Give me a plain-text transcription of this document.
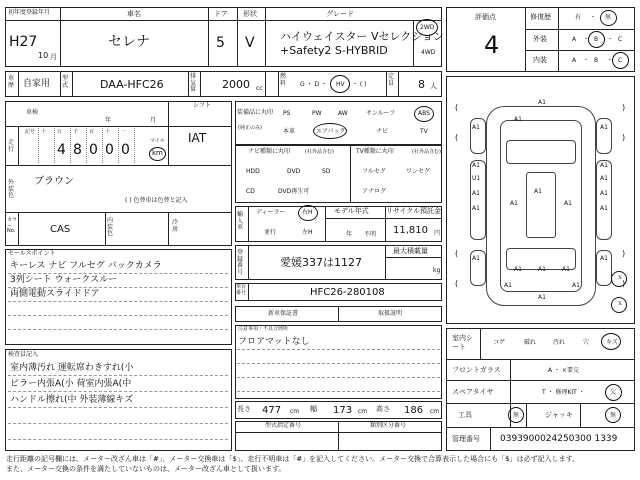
初年度登録年月
H27
10 月
車名
セレナ
ドア
5
形状
V
グレード
ハイウェイスター Vセレクション
+Safety2 S-HYBRID
2WD
4WD
車歴 自家用
型式	DAA-HFC26
排気量 2000 cc
燃料	G ・ D ・ HV ・ ( )
定員 8 人
車検
年	月
シフト
IAT
走行
記号 十 万 千 百 十 一
4 8 0 0 0
マイル
km
外装色
ブラウン
( ) 色替車は色替と記入
カラーNo.	CAS
内装色
冷房
セールスポイント
キーレス ナビ フルセグ バックカメラ
3列シート ウォークスルー
両側電動スライドドア
検査員記入
室内薄汚れ 運転席わきすれ(小
ピラー内張A(小 荷室内張A(中
ハンドル擦れ(中 外装薄線キズ
装備品に丸印
(純正のみ)
PS	PW	AW	サンルーフ	ABS
本革	エアバック	ナビ	TV
ナビ種類に丸印	(社外品含む)	TV種類に丸印	(社外品含む)
HDD	DVD	SD
CD	DVD再生可
フルセグ	ワンセグ
アナログ
輸入車
ディーラー	右H
並行	左H
モデル年式
年 不明
リサイクル預託金
11,810 円
登録番号
愛媛337は1127
最大積載量
kg
車台番号	HFC26-280108
新車保証書	取扱説明
注意事項・不具合箇所
フロアマットなし
長さ 477 cm 幅 173 cm 高さ 186 cm
型式指定番号	類別区分番号
評価点
4
修復歴	有 ・ 無
外装	A ・ B ・ C
内装	A ・ B ・ C
(
(
)
)
(
(
)
)
A1
A1
A1	A1
A1
U1
A1
A1
A1
A1
A1
A1
A1
A1	A1
A1	A1
A1	A1	A1
A1
A1
A1
ｘ
ｘ
室内シート
コゲ	破れ	汚れ	穴	キズ
フロントガラス	A ・ ×要交
スペアタイヤ	T ・ 修理KIT ・	欠
工具	無	ジャッキ	無
管理番号 0393900024250300 1339
走行距離の記号欄には、メーター改ざん車は「#」、メーター交換車は「$」、走行不明車は「#」を記入してください。メーター交換で合算表示した場合にも「$」は必ず記入します。
また、メーター交換の条件を満たしていないものは、メーター改ざん車として扱います。
